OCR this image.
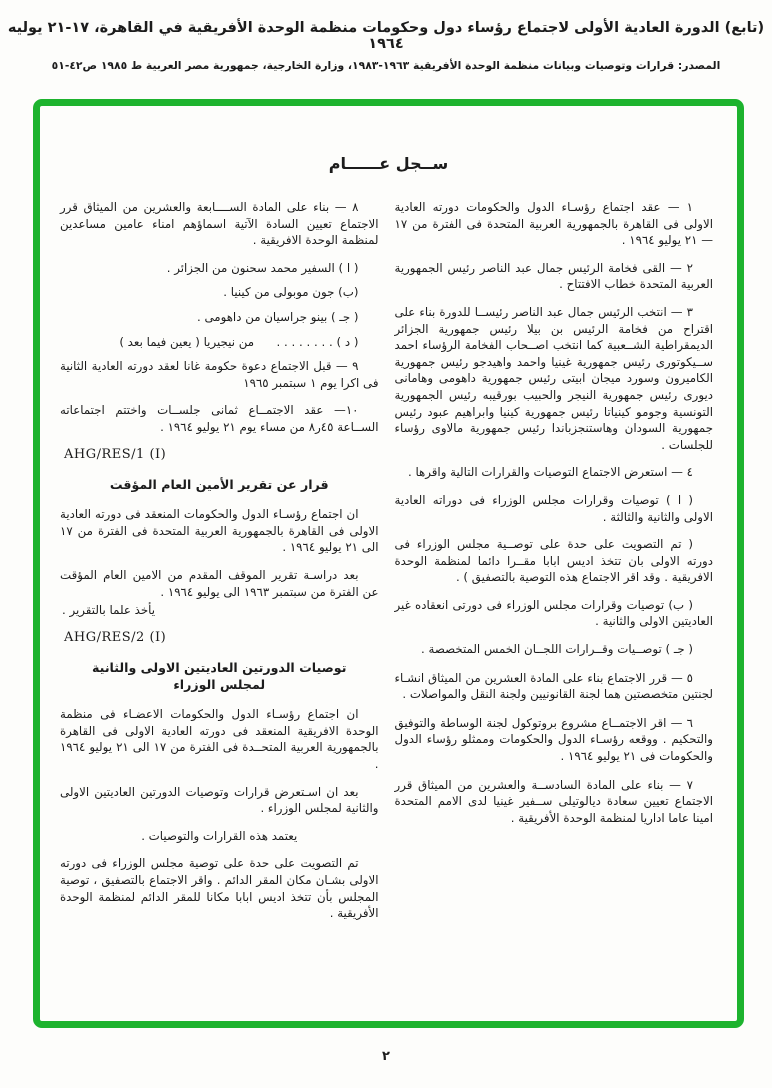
(تابع) الدورة العادية الأولى لاجتماع رؤساء دول وحكومات منظمة الوحدة الأفريقية في القاهرة، ١٧-٢١ يوليه ١٩٦٤
المصدر: قرارات وتوصيات وبيانات منظمة الوحدة الأفريقية ١٩٦٣-١٩٨٣، وزارة الخارجية، جمهورية مصر العربية ط ١٩٨٥ ص٤٢-٥١
ســجل عــــــام
١ — عقد اجتماع رؤسـاء الدول والحكومات دورته العادية الاولى فى القاهرة بالجمهورية العربية المتحدة فى الفترة من ١٧ — ٢١ يوليو ١٩٦٤ .
٢ — القى فخامة الرئيس جمال عبد الناصر رئيس الجمهورية العربية المتحدة خطاب الافتتاح .
٣ — انتخب الرئيس جمال عبد الناصر رئيســا للدورة بناء على اقتراح من فخامة الرئيس بن بيلا رئيس جمهورية الجزائر الديمقراطية الشــعبية كما انتخب اصــحاب الفخامة الرؤساء احمد ســيكوتورى رئيس جمهورية غينيا واحمد واهيدجو رئيس جمهورية الكاميرون وسورد ميجان ابيتى رئيس جمهورية داهومى وهامانى ديورى رئيس جمهورية النيجر والحبيب بورقيبه رئيس الجمهورية التونسية وجومو كينياتا رئيس جمهورية كينيا وابراهيم عبود رئيس جمهورية السودان وهاستنجزباندا رئيس جمهورية مالاوى رؤساء للجلسات .
٤ — استعرض الاجتماع التوصيات والقرارات التالية واقرها .
( ا ) توصيات وقرارات مجلس الوزراء فى دوراته العادية الاولى والثانية والثالثة .
( تم التصويت على حدة على توصــية مجلس الوزراء فى دورته الاولى بان تتخذ اديس ابابا مقــرا دائما لمنظمة الوحدة الافريقية . وقد اقر الاجتماع هذه التوصية بالتصفيق ) .
( ب) توصيات وقرارات مجلس الوزراء فى دورتى انعقاده غير العاديتين الاولى والثانية .
( جـ ) توصــيات وقــرارات اللجــان الخمس المتخصصة .
٥ — قرر الاجتماع بناء على المادة العشرين من الميثاق انشـاء لجنتين متخصصتين هما لجنة القانونيين ولجنة النقل والمواصلات .
٦ — اقر الاجتمــاع مشروع بروتوكول لجنة الوساطة والتوفيق والتحكيم . ووقعه رؤسـاء الدول والحكومات وممثلو رؤساء الدول والحكومات فى ٢١ يوليو ١٩٦٤ .
٧ — بناء على المادة السادســة والعشرين من الميثاق قرر الاجتماع تعيين سعادة ديالوتيلى ســفير غينيا لدى الامم المتحدة امينا عاما اداريا لمنظمة الوحدة الأفريقية .
٨ — بناء على المادة الســــابعة والعشرين من الميثاق قرر الاجتماع تعيين السادة الآتية اسماؤهم امناء عامين مساعدين لمنظمة الوحدة الافريقية .
( ا ) السفير محمد سحنون من الجزائر .
(ب) جون موبولى من كينيا .
( جـ ) بينو جراسيان من داهومى .
( د ) . . . . . . . .      من نيجيريا ( يعين فيما بعد )
٩ — قبل الاجتماع دعوة حكومة غانا لعقد دورته العادية الثانية فى اكرا يوم ١ سبتمبر ١٩٦٥
١٠— عقد الاجتمــاع ثمانى جلســات واختتم اجتماعاته الســاعة ٤٥ر٨ من مساء يوم ٢١ يوليو ١٩٦٤ .
AHG/RES/1 (I)
قرار عن تقرير الأمين العام المؤقت
ان اجتماع رؤسـاء الدول والحكومات المنعقد فى دورته العادية الاولى فى القاهرة بالجمهورية العربية المتحدة فى الفترة من ١٧ الى ٢١ يوليو ١٩٦٤ .
بعد دراسـة تقرير الموقف المقدم من الامين العام المؤقت عن الفترة من سبتمبر ١٩٦٣ الى يوليو ١٩٦٤ .
يأخذ علما بالتقرير .
AHG/RES/2 (I)
توصيات الدورتين العاديتين الاولى والثانية لمجلس الوزراء
ان اجتماع رؤسـاء الدول والحكومات الاعضـاء فى منظمة الوحدة الافريقية المنعقد فى دورته العادية الاولى فى القاهرة بالجمهورية العربية المتحــدة فى الفترة من ١٧ الى ٢١ يوليو ١٩٦٤ .
بعد ان اسـتعرض قرارات وتوصيات الدورتين العاديتين الاولى والثانية لمجلس الوزراء .
يعتمد هذه القرارات والتوصيات .
تم التصويت على حدة على توصية مجلس الوزراء فى دورته الاولى بشـان مكان المقر الدائم . واقر الاجتماع بالتصفيق ، توصية المجلس بأن تتخذ اديس ابابا مكانا للمقر الدائم لمنظمة الوحدة الأفريقية .
٢
